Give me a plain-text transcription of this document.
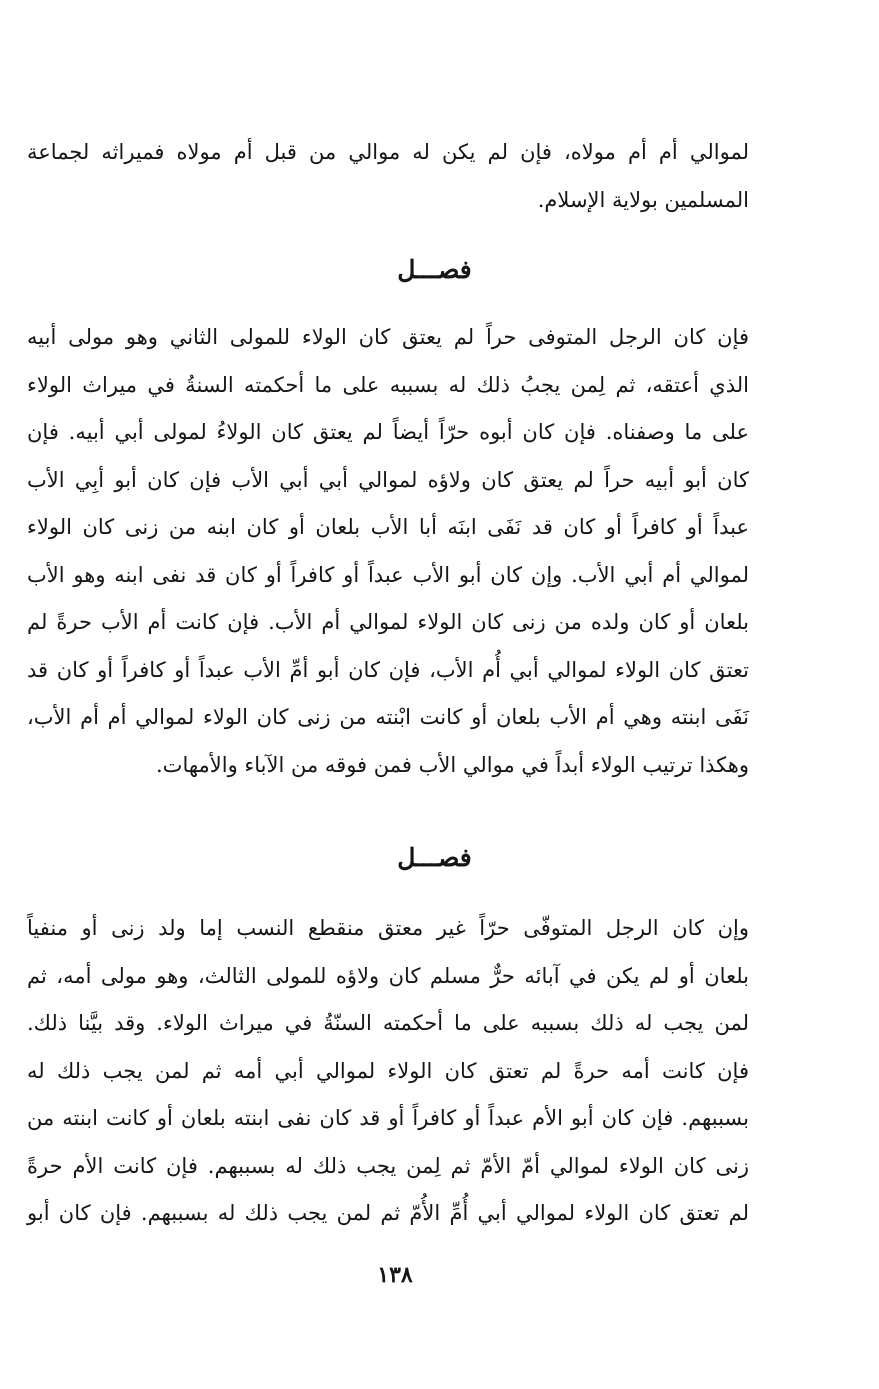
لموالي أم أم مولاه، فإن لم يكن له موالي من قبل أم مولاه فميراثه لجماعة
المسلمين بولاية الإسلام.
فصـــل
فإن كان الرجل المتوفى حراً لم يعتق كان الولاء للمولى الثاني وهو مولى أبيه
الذي أعتقه، ثم لِمن يجبُ ذلك له بسببه على ما أحكمته السنةُ في ميراث الولاء
على ما وصفناه. فإن كان أبوه حرّاً أيضاً لم يعتق كان الولاءُ لمولى أبي أبيه. فإن
كان أبو أبيه حراً لم يعتق كان ولاؤه لموالي أبي أبي الأب فإن كان أبو أبِي الأب
عبداً أو كافراً أو كان قد نَفَى ابنَه أبا الأب بلعان أو كان ابنه من زنى كان الولاء
لموالي أم أبي الأب. وإن كان أبو الأب عبداً أو كافراً أو كان قد نفى ابنه وهو الأب
بلعان أو كان ولده من زنى كان الولاء لموالي أم الأب. فإن كانت أم الأب حرةً لم
تعتق كان الولاء لموالي أبي أُم الأب، فإن كان أبو أمِّ الأب عبداً أو كافراً أو كان قد
نَفَى ابنته وهي أم الأب بلعان أو كانت ابْنته من زنى كان الولاء لموالي أم أم الأب،
وهكذا ترتيب الولاء أبداً في موالي الأب فمن فوقه من الآباء والأمهات.
فصـــل
وإن كان الرجل المتوفّى حرّاً غير معتق منقطع النسب إما ولد زنى أو منفياً
بلعان أو لم يكن في آبائه حرٌّ مسلم كان ولاؤه للمولى الثالث، وهو مولى أمه، ثم
لمن يجب له ذلك بسببه على ما أحكمته السنّةُ في ميراث الولاء. وقد بيَّنا ذلك.
فإن كانت أمه حرةً لم تعتق كان الولاء لموالي أبي أمه ثم لمن يجب ذلك له
بسببهم. فإن كان أبو الأم عبداً أو كافراً أو قد كان نفى ابنته بلعان أو كانت ابنته من
زنى كان الولاء لموالي أمّ الأمّ ثم لِمن يجب ذلك له بسببهم. فإن كانت الأم حرةً
لم تعتق كان الولاء لموالي أبي أُمِّ الأُمّ ثم لمن يجب ذلك له بسببهم. فإن كان أبو
١٣٨
